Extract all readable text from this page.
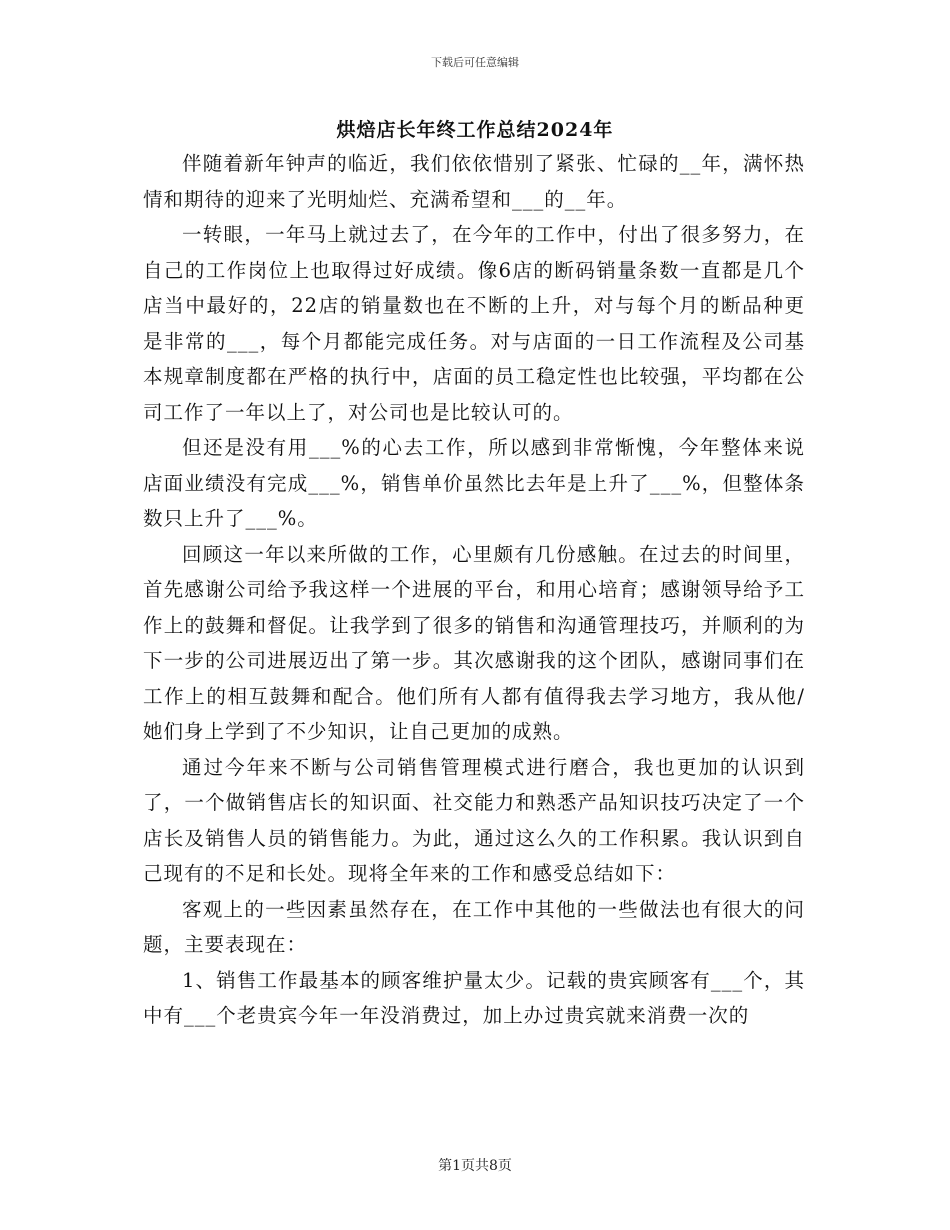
下载后可任意编辑
烘焙店长年终工作总结2024年

伴随着新年钟声的临近，我们依依惜别了紧张、忙碌的__年，满怀热情和期待的迎来了光明灿烂、充满希望和___的__年。

一转眼，一年马上就过去了，在今年的工作中，付出了很多努力，在自己的工作岗位上也取得过好成绩。像6店的断码销量条数一直都是几个店当中最好的，22店的销量数也在不断的上升，对与每个月的断品种更是非常的___，每个月都能完成任务。对与店面的一日工作流程及公司基本规章制度都在严格的执行中，店面的员工稳定性也比较强，平均都在公司工作了一年以上了，对公司也是比较认可的。

但还是没有用___%的心去工作，所以感到非常惭愧，今年整体来说店面业绩没有完成___%，销售单价虽然比去年是上升了___%，但整体条数只上升了___%。

回顾这一年以来所做的工作，心里颇有几份感触。在过去的时间里，首先感谢公司给予我这样一个进展的平台，和用心培育；感谢领导给予工作上的鼓舞和督促。让我学到了很多的销售和沟通管理技巧，并顺利的为下一步的公司进展迈出了第一步。其次感谢我的这个团队，感谢同事们在工作上的相互鼓舞和配合。他们所有人都有值得我去学习地方，我从他/她们身上学到了不少知识，让自己更加的成熟。

通过今年来不断与公司销售管理模式进行磨合，我也更加的认识到了，一个做销售店长的知识面、社交能力和熟悉产品知识技巧决定了一个店长及销售人员的销售能力。为此，通过这么久的工作积累。我认识到自己现有的不足和长处。现将全年来的工作和感受总结如下：

客观上的一些因素虽然存在，在工作中其他的一些做法也有很大的问题，主要表现在：

1、销售工作最基本的顾客维护量太少。记载的贵宾顾客有___个，其中有___个老贵宾今年一年没消费过，加上办过贵宾就来消费一次的

第1页共8页
